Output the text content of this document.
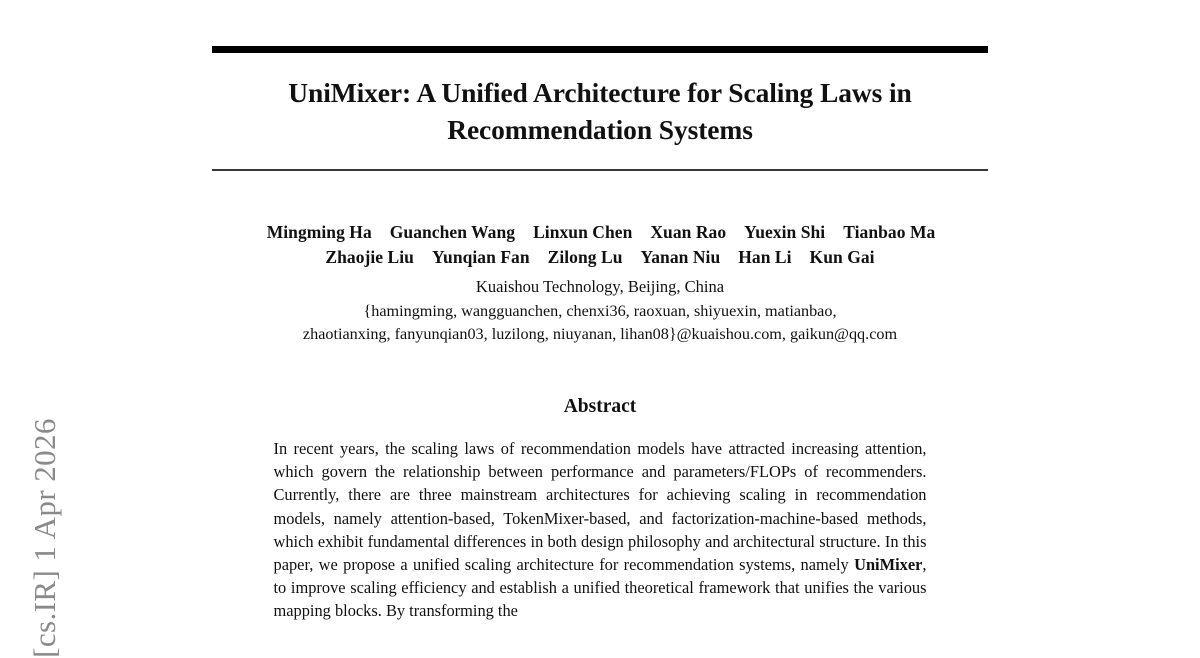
[cs.IR] 1 Apr 2026
UniMixer: A Unified Architecture for Scaling Laws in Recommendation Systems
Mingming Ha Guanchen Wang Linxun Chen Xuan Rao Yuexin Shi Tianbao Ma
Zhaojie Liu Yunqian Fan Zilong Lu Yanan Niu Han Li Kun Gai
Kuaishou Technology, Beijing, China
{hamingming, wangguanchen, chenxi36, raoxuan, shiyuexin, matianbao,
zhaotianxing, fanyunqian03, luzilong, niuyanan, lihan08}@kuaishou.com, gaikun@qq.com
Abstract

In recent years, the scaling laws of recommendation models have attracted increasing attention, which govern the relationship between performance and parameters/FLOPs of recommenders. Currently, there are three mainstream architectures for achieving scaling in recommendation models, namely attention-based, TokenMixer-based, and factorization-machine-based methods, which exhibit fundamental differences in both design philosophy and architectural structure. In this paper, we propose a unified scaling architecture for recommendation systems, namely UniMixer, to improve scaling efficiency and establish a unified theoretical framework that unifies the various mapping blocks. By transforming the
